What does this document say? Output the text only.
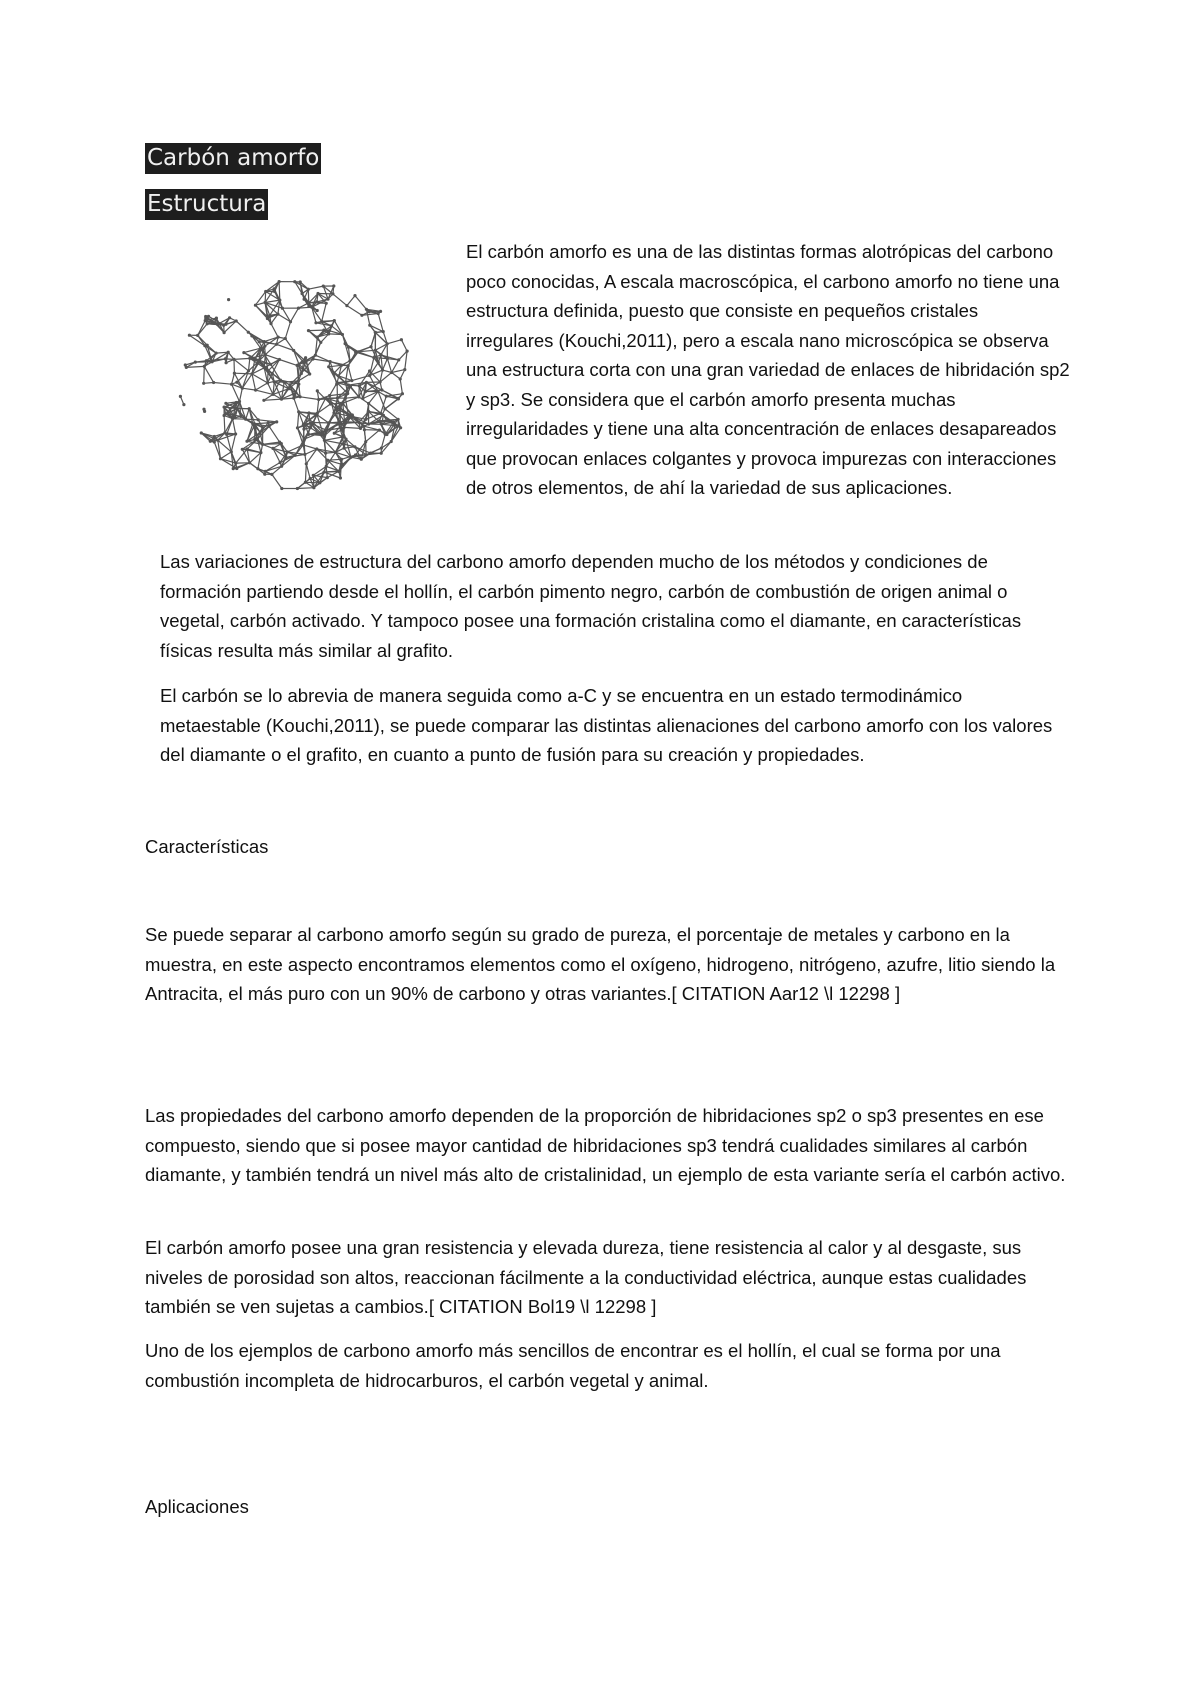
Carbón amorfo
Estructura

El carbón amorfo es una de las distintas formas alotrópicas del carbono poco conocidas, A escala macroscópica, el carbono amorfo no tiene una estructura definida, puesto que consiste en pequeños cristales irregulares (Kouchi,2011), pero a escala nano microscópica se observa una estructura corta con una gran variedad de enlaces de hibridación sp2 y sp3. Se considera que el carbón amorfo presenta muchas irregularidades y tiene una alta concentración de enlaces desapareados que provocan enlaces colgantes y provoca impurezas con interacciones de otros elementos, de ahí la variedad de sus aplicaciones.

Las variaciones de estructura del carbono amorfo dependen mucho de los métodos y condiciones de formación partiendo desde el hollín, el carbón pimento negro, carbón de combustión de origen animal o vegetal, carbón activado. Y tampoco posee una formación cristalina como el diamante, en características físicas resulta más similar al grafito.

El carbón se lo abrevia de manera seguida como a-C y se encuentra en un estado termodinámico metaestable (Kouchi,2011), se puede comparar las distintas alienaciones del carbono amorfo con los valores del diamante o el grafito, en cuanto a punto de fusión para su creación y propiedades.

Características

Se puede separar al carbono amorfo según su grado de pureza, el porcentaje de metales y carbono en la muestra, en este aspecto encontramos elementos como el oxígeno, hidrogeno, nitrógeno, azufre, litio siendo la Antracita, el más puro con un 90% de carbono y otras variantes.[ CITATION Aar12 \l 12298 ]

Las propiedades del carbono amorfo dependen de la proporción de hibridaciones sp2 o sp3 presentes en ese compuesto, siendo que si posee mayor cantidad de hibridaciones sp3 tendrá cualidades similares al carbón diamante, y también tendrá un nivel más alto de cristalinidad, un ejemplo de esta variante sería el carbón activo.

El carbón amorfo posee una gran resistencia y elevada dureza, tiene resistencia al calor y al desgaste, sus niveles de porosidad son altos, reaccionan fácilmente a la conductividad eléctrica, aunque estas cualidades también se ven sujetas a cambios.[ CITATION Bol19 \l 12298 ]

Uno de los ejemplos de carbono amorfo más sencillos de encontrar es el hollín, el cual se forma por una combustión incompleta de hidrocarburos, el carbón vegetal y animal.

Aplicaciones
